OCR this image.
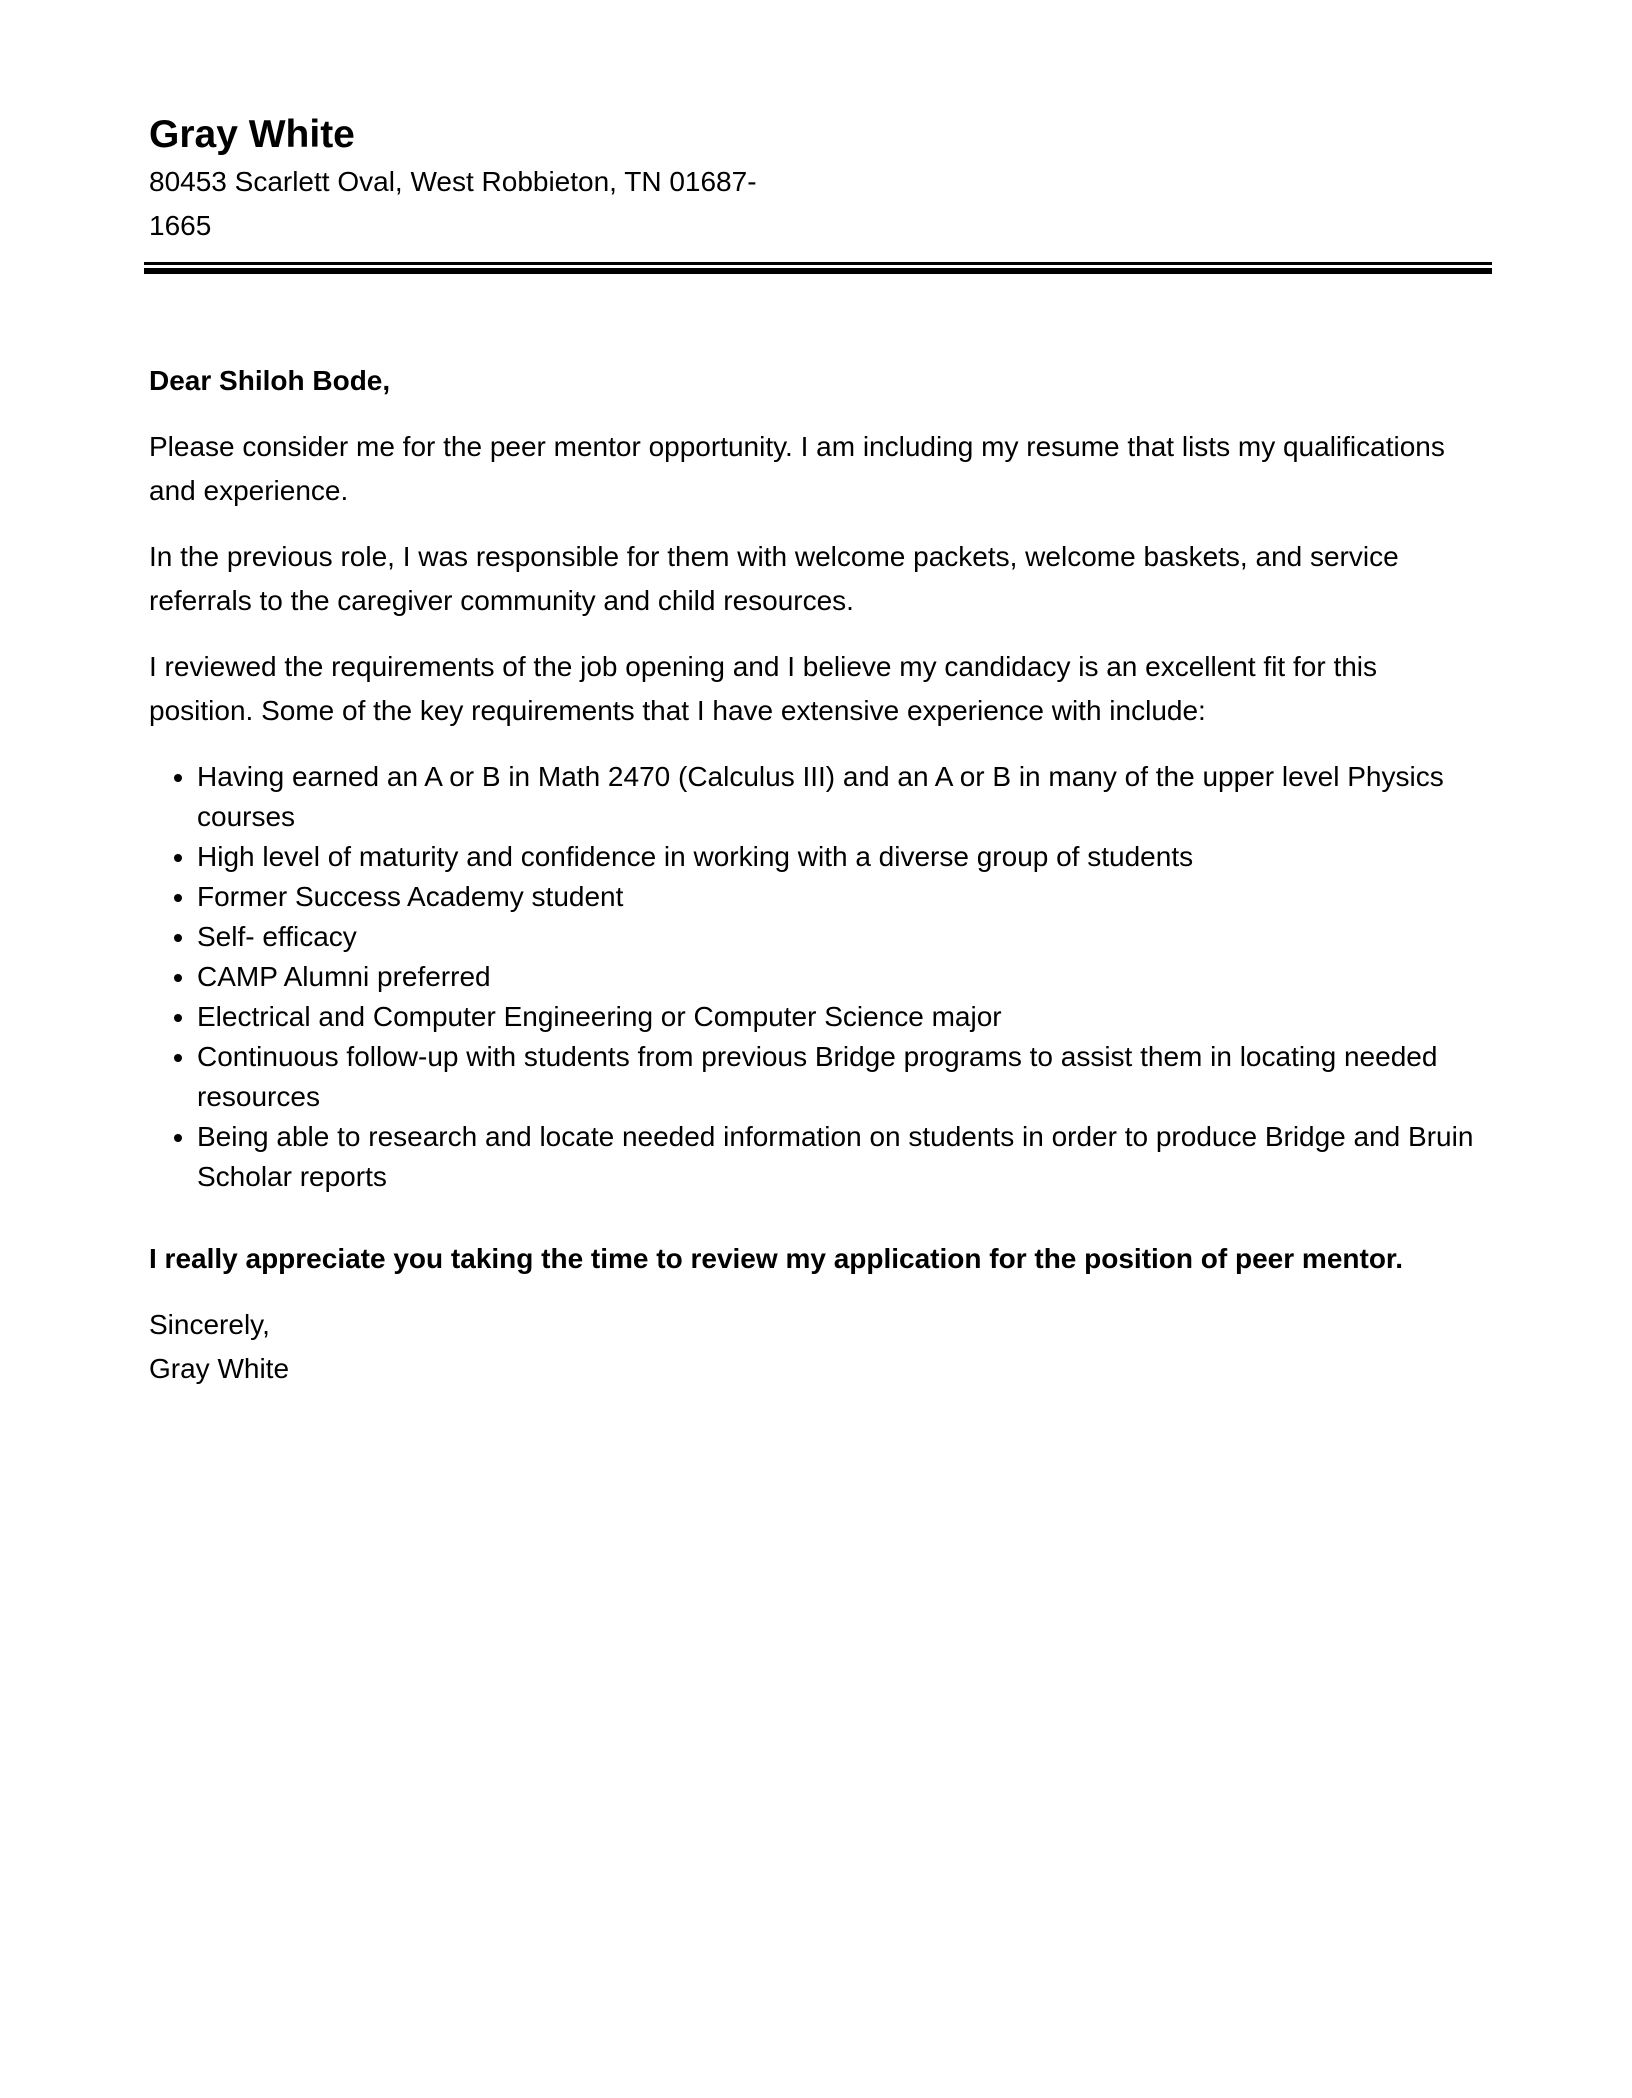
Gray White
80453 Scarlett Oval, West Robbieton, TN 01687-1665
Dear Shiloh Bode,

Please consider me for the peer mentor opportunity. I am including my resume that lists my qualifications and experience.

In the previous role, I was responsible for them with welcome packets, welcome baskets, and service referrals to the caregiver community and child resources.

I reviewed the requirements of the job opening and I believe my candidacy is an excellent fit for this position. Some of the key requirements that I have extensive experience with include:

• Having earned an A or B in Math 2470 (Calculus III) and an A or B in many of the upper level Physics courses
• High level of maturity and confidence in working with a diverse group of students
• Former Success Academy student
• Self- efficacy
• CAMP Alumni preferred
• Electrical and Computer Engineering or Computer Science major
• Continuous follow-up with students from previous Bridge programs to assist them in locating needed resources
• Being able to research and locate needed information on students in order to produce Bridge and Bruin Scholar reports
I really appreciate you taking the time to review my application for the position of peer mentor.
Sincerely,
Gray White
